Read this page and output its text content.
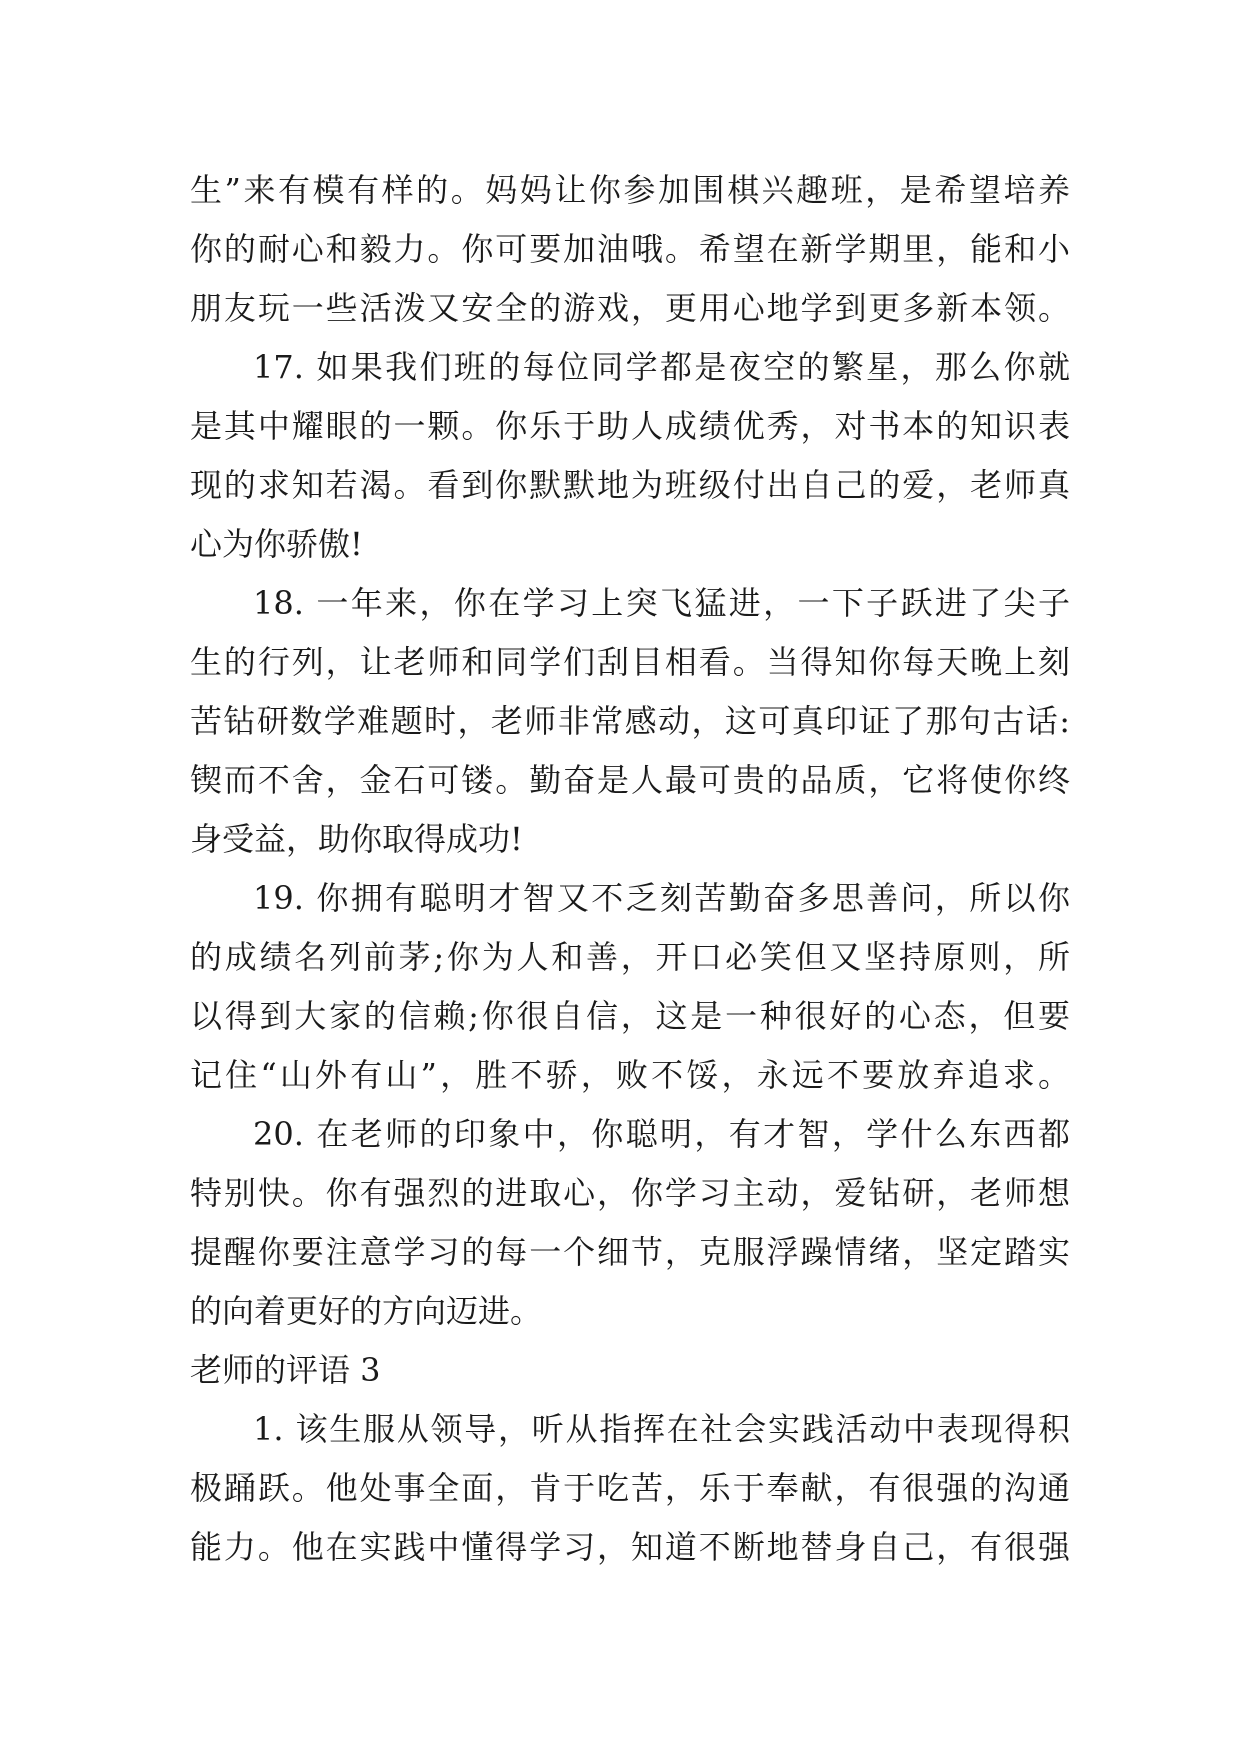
生”来有模有样的。妈妈让你参加围棋兴趣班，是希望培养
你的耐心和毅力。你可要加油哦。希望在新学期里，能和小
朋友玩一些活泼又安全的游戏，更用心地学到更多新本领。
17. 如果我们班的每位同学都是夜空的繁星，那么你就
是其中耀眼的一颗。你乐于助人成绩优秀，对书本的知识表
现的求知若渴。看到你默默地为班级付出自己的爱，老师真
心为你骄傲!
18. 一年来，你在学习上突飞猛进，一下子跃进了尖子
生的行列，让老师和同学们刮目相看。当得知你每天晚上刻
苦钻研数学难题时，老师非常感动，这可真印证了那句古话:
锲而不舍，金石可镂。勤奋是人最可贵的品质，它将使你终
身受益，助你取得成功!
19. 你拥有聪明才智又不乏刻苦勤奋多思善问，所以你
的成绩名列前茅;你为人和善，开口必笑但又坚持原则，所
以得到大家的信赖;你很自信，这是一种很好的心态，但要
记住“山外有山”，胜不骄，败不馁，永远不要放弃追求。
20. 在老师的印象中，你聪明，有才智，学什么东西都
特别快。你有强烈的进取心，你学习主动，爱钻研，老师想
提醒你要注意学习的每一个细节，克服浮躁情绪，坚定踏实
的向着更好的方向迈进。
老师的评语 3
1. 该生服从领导，听从指挥在社会实践活动中表现得积
极踊跃。他处事全面，肯于吃苦，乐于奉献，有很强的沟通
能力。他在实践中懂得学习，知道不断地替身自己，有很强
